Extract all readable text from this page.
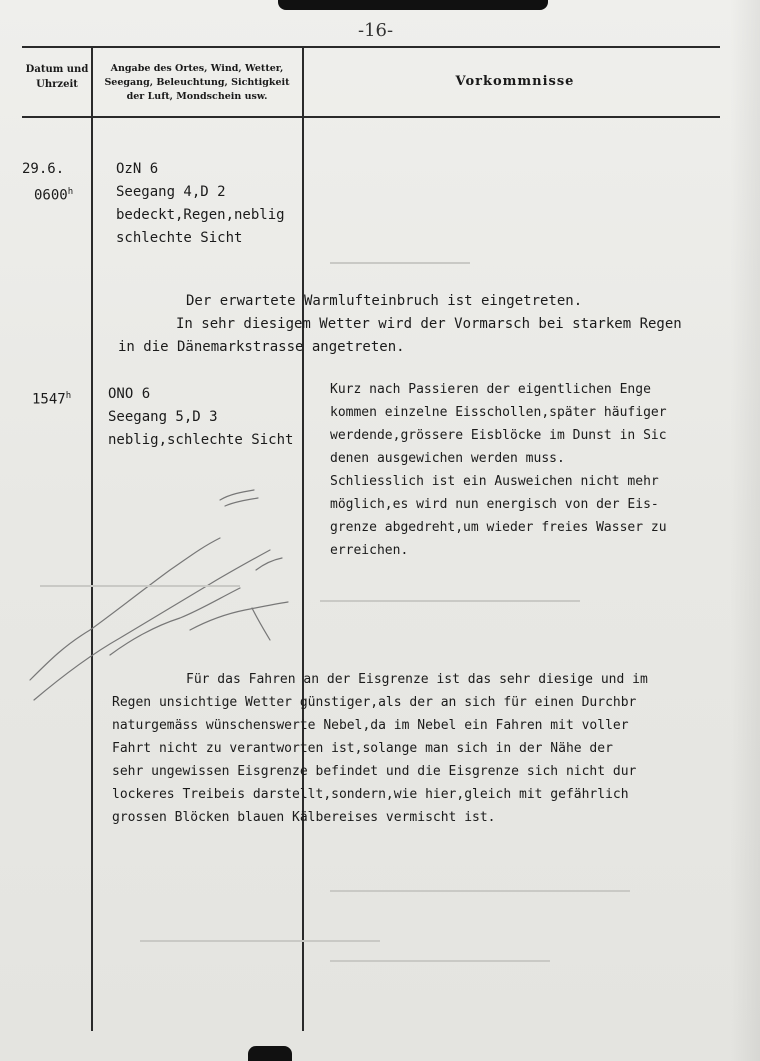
-16-
Datum und Uhrzeit
Angabe des Ortes, Wind, Wetter, Seegang, Beleuchtung, Sichtigkeit der Luft, Mondschein usw.
Vorkommnisse
29.6.
0600$^h$
OzN 6
Seegang 4,D 2
bedeckt,Regen,neblig
schlechte Sicht
Der erwartete Warmlufteinbruch ist eingetreten.
In sehr diesigem Wetter wird der Vormarsch bei starkem Regen
in die Dänemarkstrasse angetreten.
1547$^h$	ONO 6
Seegang 5,D 3
neblig,schlechte Sicht
Kurz nach Passieren der eigentlichen Enge
kommen einzelne Eisschollen,später häufiger
werdende,grössere Eisblöcke im Dunst in Sic
denen ausgewichen werden muss.
Schliesslich ist ein Ausweichen nicht mehr
möglich,es wird nun energisch von der Eis-
grenze abgedreht,um wieder freies Wasser zu
erreichen.
Für das Fahren an der Eisgrenze ist das sehr diesige und im
Regen unsichtige Wetter günstiger,als der an sich für einen Durchbr
naturgemäss wünschenswerte Nebel,da im Nebel ein Fahren mit voller
Fahrt nicht zu verantworten ist,solange man sich in der Nähe der
sehr ungewissen Eisgrenze befindet und die Eisgrenze sich nicht dur
lockeres Treibeis darstellt,sondern,wie hier,gleich mit gefährlich
grossen Blöcken blauen Kälbereises vermischt ist.
